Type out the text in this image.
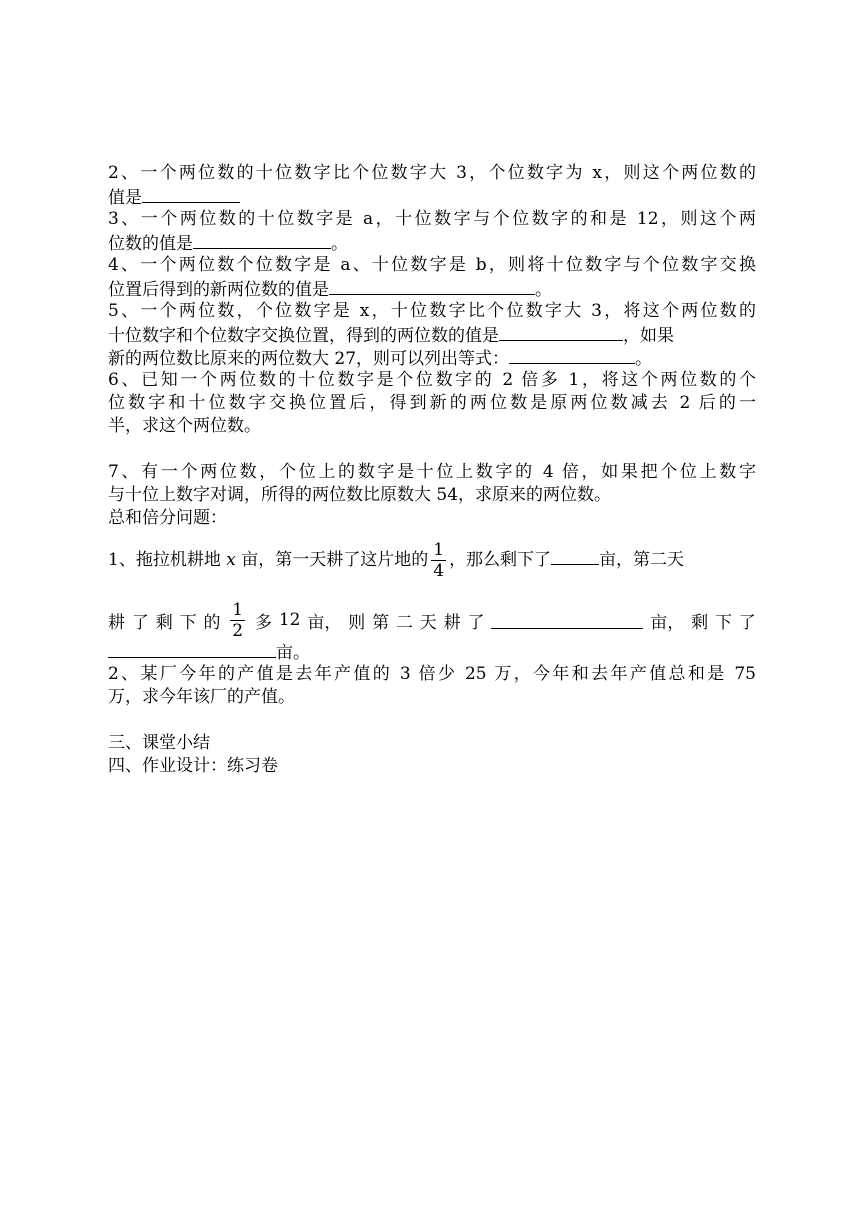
2、一个两位数的十位数字比个位数字大 3，个位数字为 x，则这个两位数的
值是
3、一个两位数的十位数字是 a，十位数字与个位数字的和是 12，则这个两
位数的值是	。
4、一个两位数个位数字是 a、十位数字是 b，则将十位数字与个位数字交换
位置后得到的新两位数的值是	。
5、一个两位数，个位数字是 x，十位数字比个位数字大 3，将这个两位数的
十位数字和个位数字交换位置，得到的两位数的值是	，如果
新的两位数比原来的两位数大 27，则可以列出等式：	。
6、已知一个两位数的十位数字是个位数字的 2 倍多 1，将这个两位数的个
位数字和十位数字交换位置后，得到新的两位数是原两位数减去 2 后的一
半，求这个两位数。
7、有一个两位数，个位上的数字是十位上数字的 4 倍，如果把个位上数字
与十位上数字对调，所得的两位数比原数大 54，求原来的两位数。
总和倍分问题：
1、拖拉机耕地 x 亩，第一天耕了这片地的 $\frac{1}{4}$ ，那么剩下了	亩，第二天
耕 了 剩 下 的 $\frac{1}{2}$ 多 12 亩， 则 第 二 天 耕 了	亩， 剩 下 了
亩。
2、某厂今年的产值是去年产值的 3 倍少 25 万，今年和去年产值总和是 75
万，求今年该厂的产值。
三、课堂小结
四、作业设计：练习卷
